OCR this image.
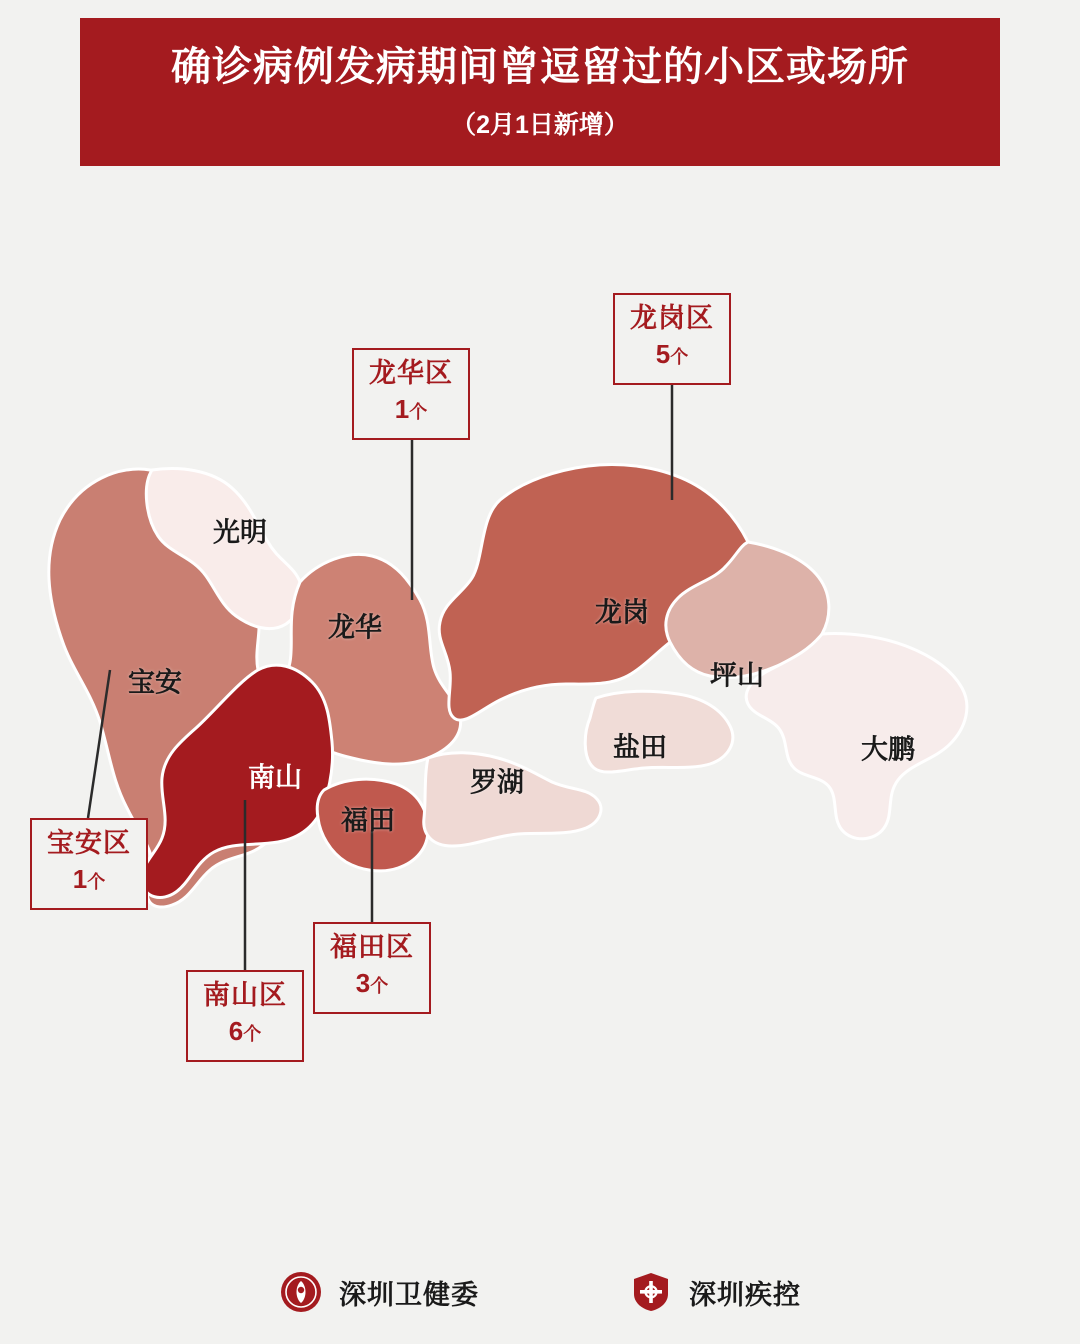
确诊病例发病期间曾逗留过的小区或场所
（2月1日新增）
光明
宝安
龙华
南山
福田
罗湖
龙岗
坪山
盐田	大鹏
龙华区
1个
龙岗区
5个
宝安区
1个
南山区
6个
福田区
3个
深圳卫健委	深圳疾控
